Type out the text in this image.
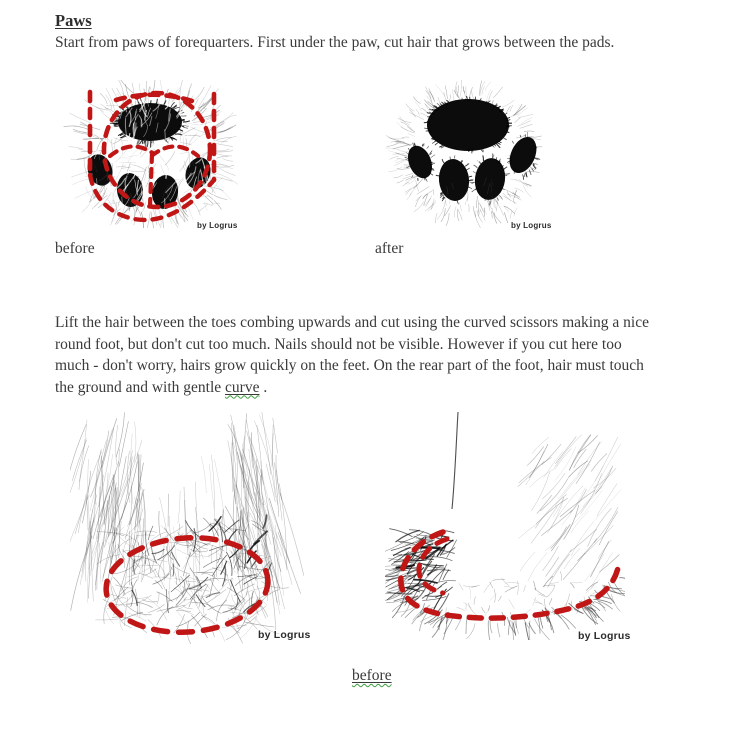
Paws
Start from paws of forequarters. First under the paw, cut hair that grows between the pads.
by Logrus	by Logrus
before	after
Lift the hair between the toes combing upwards and cut using the curved scissors making a nice
round foot, but don't cut too much. Nails should not be visible. However if you cut here too
much - don't worry, hairs grow quickly on the feet. On the rear part of the foot, hair must touch
the ground and with gentle curve .
by Logrus	by Logrus
before
